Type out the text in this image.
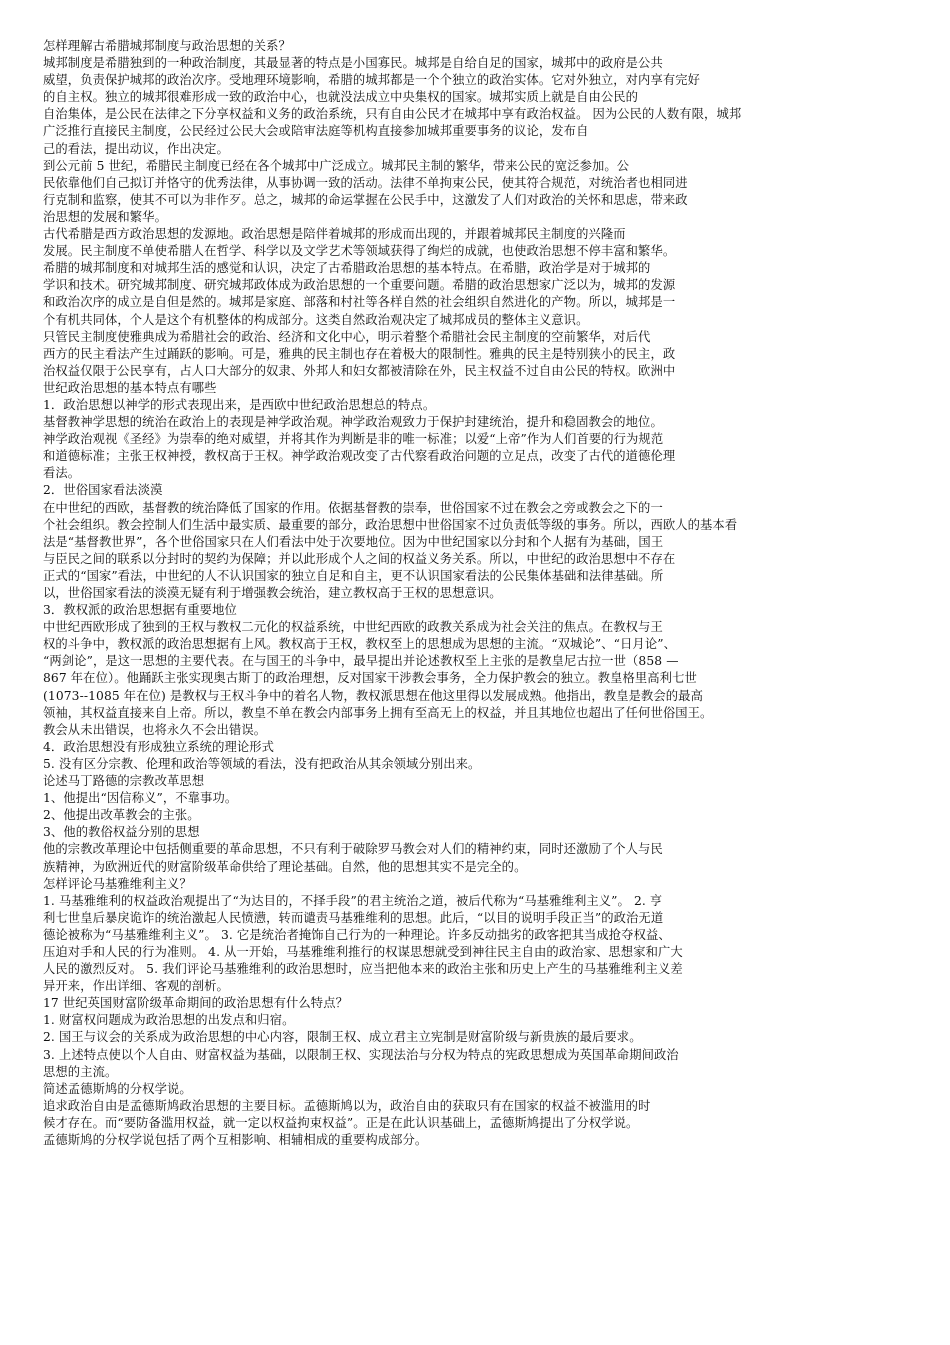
怎样理解古希腊城邦制度与政治思想的关系？

城邦制度是希腊独到的一种政治制度，其最显著的特点是小国寡民。城邦是自给自足的国家，城邦中的政府是公共

威望，负责保护城邦的政治次序。受地理环境影响，希腊的城邦都是一个个独立的政治实体。它对外独立，对内享有完好

的自主权。独立的城邦很难形成一致的政治中心，也就没法成立中央集权的国家。城邦实质上就是自由公民的

自治集体，是公民在法律之下分享权益和义务的政治系统，只有自由公民才在城邦中享有政治权益。 因为公民的人数有限，城邦

广泛推行直接民主制度，公民经过公民大会或陪审法庭等机构直接参加城邦重要事务的议论，发布自

己的看法，提出动议，作出决定。

到公元前 5 世纪，希腊民主制度已经在各个城邦中广泛成立。城邦民主制的繁华，带来公民的宽泛参加。公

民依靠他们自己拟订并恪守的优秀法律，从事协调一致的活动。法律不单拘束公民，使其符合规范，对统治者也相同进

行克制和监察，使其不可以为非作歹。总之，城邦的命运掌握在公民手中，这激发了人们对政治的关怀和思虑，带来政

治思想的发展和繁华。

古代希腊是西方政治思想的发源地。政治思想是陪伴着城邦的形成而出现的，并跟着城邦民主制度的兴隆而

发展。民主制度不单使希腊人在哲学、科学以及文学艺术等领域获得了绚烂的成就，也使政治思想不停丰富和繁华。

希腊的城邦制度和对城邦生活的感觉和认识，决定了古希腊政治思想的基本特点。在希腊，政治学是对于城邦的

学识和技术。研究城邦制度、研究城邦政体成为政治思想的一个重要问题。希腊的政治思想家广泛以为，城邦的发源

和政治次序的成立是自但是然的。城邦是家庭、部落和村社等各样自然的社会组织自然进化的产物。所以，城邦是一

个有机共同体，个人是这个有机整体的构成部分。这类自然政治观决定了城邦成员的整体主义意识。

只管民主制度使雅典成为希腊社会的政治、经济和文化中心，明示着整个希腊社会民主制度的空前繁华，对后代

西方的民主看法产生过踊跃的影响。可是，雅典的民主制也存在着极大的限制性。雅典的民主是特别狭小的民主，政

治权益仅限于公民享有，占人口大部分的奴隶、外邦人和妇女都被清除在外，民主权益不过自由公民的特权。欧洲中

世纪政治思想的基本特点有哪些

1．政治思想以神学的形式表现出来，是西欧中世纪政治思想总的特点。

基督教神学思想的统治在政治上的表现是神学政治观。神学政治观致力于保护封建统治，提升和稳固教会的地位。

神学政治观视《圣经》为崇奉的绝对威望，并将其作为判断是非的唯一标准；以爱“上帝”作为人们首要的行为规范

和道德标准；主张王权神授，教权高于王权。神学政治观改变了古代察看政治问题的立足点，改变了古代的道德伦理

看法。

2．世俗国家看法淡漠

在中世纪的西欧，基督教的统治降低了国家的作用。依据基督教的崇奉，世俗国家不过在教会之旁或教会之下的一

个社会组织。教会控制人们生活中最实质、最重要的部分，政治思想中世俗国家不过负责低等级的事务。所以，西欧人的基本看

法是“基督教世界”，各个世俗国家只在人们看法中处于次要地位。因为中世纪国家以分封和个人据有为基础，国王

与臣民之间的联系以分封时的契约为保障；并以此形成个人之间的权益义务关系。所以，中世纪的政治思想中不存在

正式的“国家”看法，中世纪的人不认识国家的独立自足和自主，更不认识国家看法的公民集体基础和法律基础。所

以，世俗国家看法的淡漠无疑有利于增强教会统治，建立教权高于王权的思想意识。

3．教权派的政治思想据有重要地位

中世纪西欧形成了独到的王权与教权二元化的权益系统，中世纪西欧的政教关系成为社会关注的焦点。在教权与王

权的斗争中，教权派的政治思想据有上风。教权高于王权，教权至上的思想成为思想的主流。“双城论”、“日月论”、

“两剑论”，是这一思想的主要代表。在与国王的斗争中，最早提出并论述教权至上主张的是教皇尼古拉一世（858 —

867 年在位）。他踊跃主张实现奥古斯丁的政治理想，反对国家干涉教会事务，全力保护教会的独立。教皇格里高利七世

(1073--1085 年在位) 是教权与王权斗争中的着名人物，教权派思想在他这里得以发展成熟。他指出，教皇是教会的最高

领袖，其权益直接来自上帝。所以，教皇不单在教会内部事务上拥有至高无上的权益，并且其地位也超出了任何世俗国王。

教会从未出错误，也将永久不会出错误。

4．政治思想没有形成独立系统的理论形式

5. 没有区分宗教、伦理和政治等领域的看法，没有把政治从其余领域分别出来。

论述马丁路德的宗教改革思想

1、他提出“因信称义”，不靠事功。

2、他提出改革教会的主张。

3、他的教俗权益分别的思想

他的宗教改革理论中包括侧重要的革命思想，不只有利于破除罗马教会对人们的精神约束，同时还激励了个人与民

族精神，为欧洲近代的财富阶级革命供给了理论基础。自然，他的思想其实不是完全的。

怎样评论马基雅维利主义？

1. 马基雅维利的权益政治观提出了“为达目的，不择手段”的君主统治之道，被后代称为“马基雅维利主义”。 2. 亨

利七世皇后暴戾诡诈的统治激起人民愤懑，转而谴责马基雅维利的思想。此后，“以目的说明手段正当”的政治无道

德论被称为“马基雅维利主义”。 3. 它是统治者掩饰自己行为的一种理论。许多反动拙劣的政客把其当成抢夺权益、

压迫对手和人民的行为准则。 4. 从一开始，马基雅维利推行的权谋思想就受到神往民主自由的政治家、思想家和广大

人民的激烈反对。 5. 我们评论马基雅维利的政治思想时，应当把他本来的政治主张和历史上产生的马基雅维利主义差

异开来，作出详细、客观的剖析。

17 世纪英国财富阶级革命期间的政治思想有什么特点？

1. 财富权问题成为政治思想的出发点和归宿。

2. 国王与议会的关系成为政治思想的中心内容，限制王权、成立君主立宪制是财富阶级与新贵族的最后要求。

3. 上述特点使以个人自由、财富权益为基础，以限制王权、实现法治与分权为特点的宪政思想成为英国革命期间政治

思想的主流。

简述孟德斯鸠的分权学说。

追求政治自由是孟德斯鸠政治思想的主要目标。孟德斯鸠以为，政治自由的获取只有在国家的权益不被滥用的时

候才存在。而“要防备滥用权益，就一定以权益拘束权益”。正是在此认识基础上，孟德斯鸠提出了分权学说。

孟德斯鸠的分权学说包括了两个互相影响、相辅相成的重要构成部分。
